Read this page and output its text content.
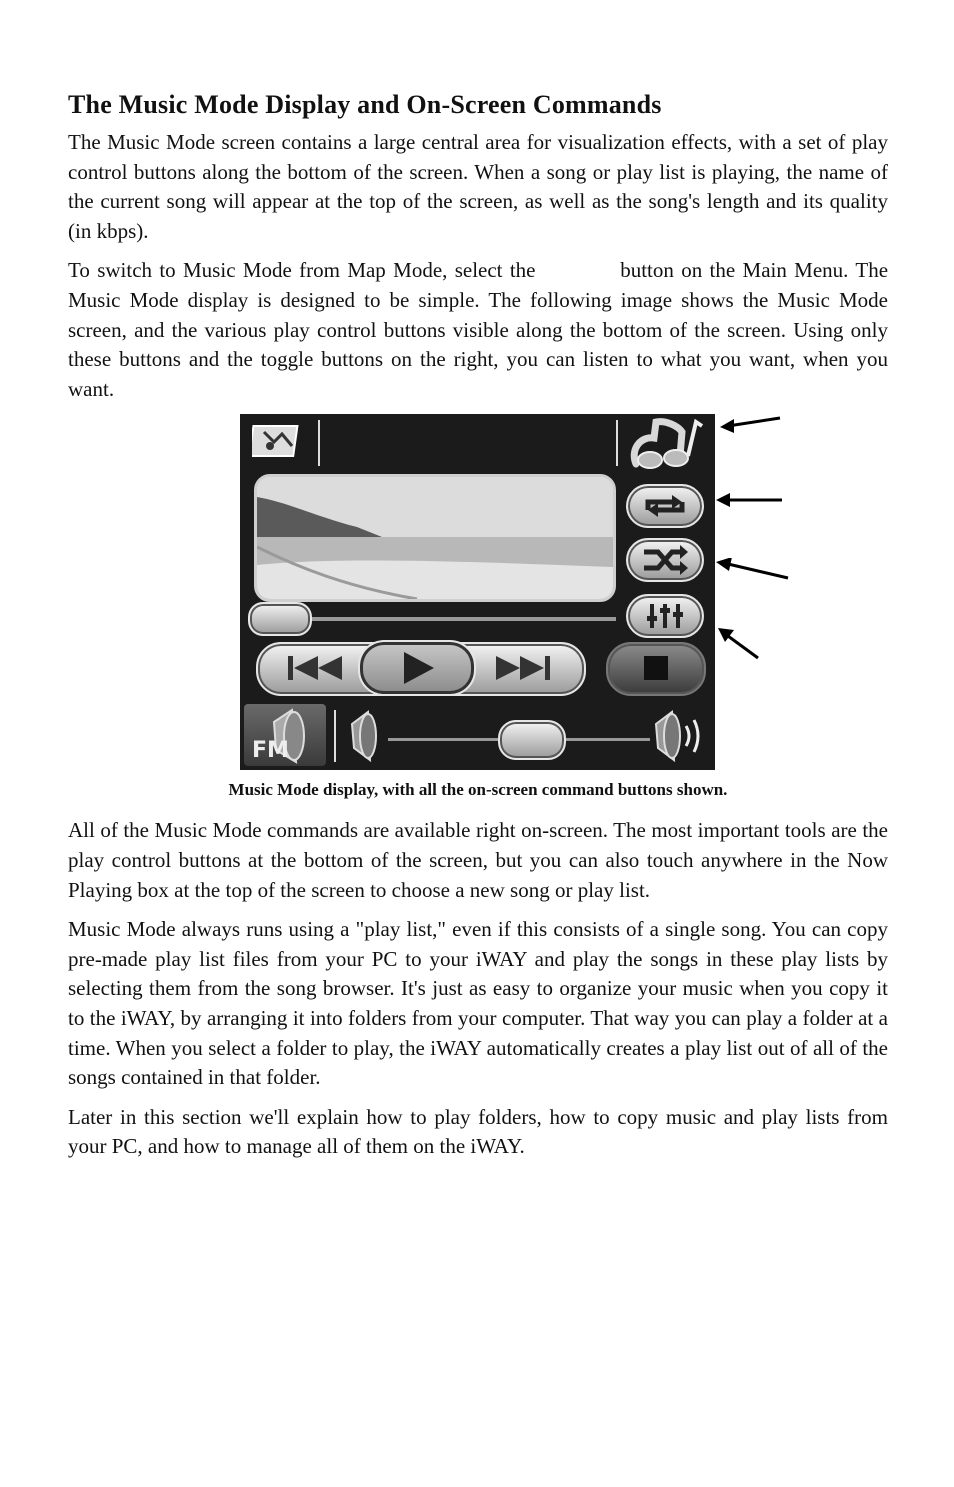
The Music Mode Display and On-Screen Commands

The Music Mode screen contains a large central area for visualization effects, with a set of play control buttons along the bottom of the screen. When a song or play list is playing, the name of the current song will appear at the top of the screen, as well as the song's length and its quality (in kbps).

To switch to Music Mode from Map Mode, select the	button on the Main Menu. The Music Mode display is designed to be simple. The following image shows the Music Mode screen, and the various play control buttons visible along the bottom of the screen. Using only these buttons and the toggle buttons on the right, you can listen to what you want, when you want.

FM
Music Mode display, with all the on-screen command buttons shown.

All of the Music Mode commands are available right on-screen. The most important tools are the play control buttons at the bottom of the screen, but you can also touch anywhere in the Now Playing box at the top of the screen to choose a new song or play list.

Music Mode always runs using a "play list," even if this consists of a single song. You can copy pre-made play list files from your PC to your iWAY and play the songs in these play lists by selecting them from the song browser. It's just as easy to organize your music when you copy it to the iWAY, by arranging it into folders from your computer. That way you can play a folder at a time. When you select a folder to play, the iWAY automatically creates a play list out of all of the songs contained in that folder.

Later in this section we'll explain how to play folders, how to copy music and play lists from your PC, and how to manage all of them on the iWAY.
